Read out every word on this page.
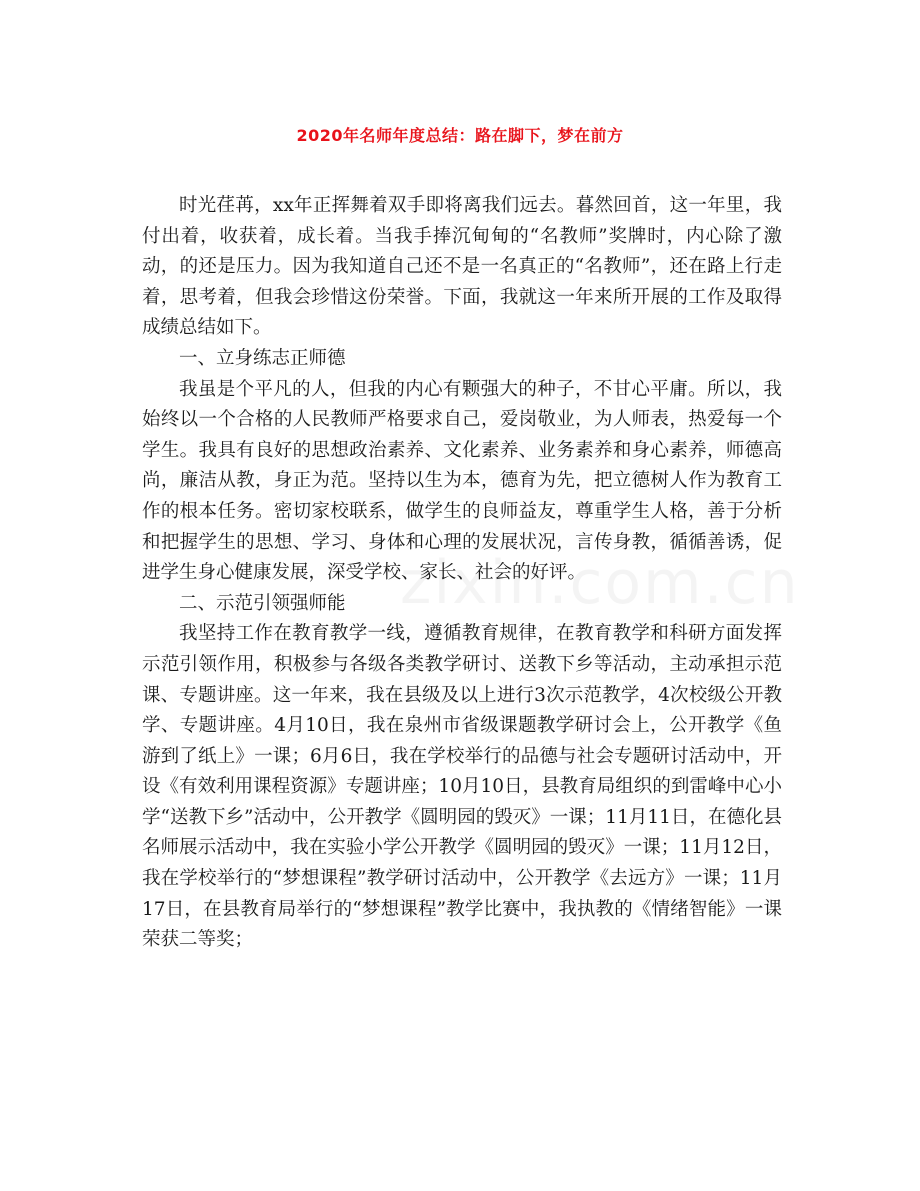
2020年名师年度总结：路在脚下，梦在前方

时光荏苒，xx年正挥舞着双手即将离我们远去。暮然回首，这一年里，我付出着，收获着，成长着。当我手捧沉甸甸的“名教师”奖牌时，内心除了激动，的还是压力。因为我知道自己还不是一名真正的“名教师”，还在路上行走着，思考着，但我会珍惜这份荣誉。下面，我就这一年来所开展的工作及取得成绩总结如下。

一、立身练志正师德

我虽是个平凡的人，但我的内心有颗强大的种子，不甘心平庸。所以，我始终以一个合格的人民教师严格要求自己，爱岗敬业，为人师表，热爱每一个学生。我具有良好的思想政治素养、文化素养、业务素养和身心素养，师德高尚，廉洁从教，身正为范。坚持以生为本，德育为先，把立德树人作为教育工作的根本任务。密切家校联系，做学生的良师益友，尊重学生人格，善于分析和把握学生的思想、学习、身体和心理的发展状况，言传身教，循循善诱，促进学生身心健康发展，深受学校、家长、社会的好评。

二、示范引领强师能

我坚持工作在教育教学一线，遵循教育规律，在教育教学和科研方面发挥示范引领作用，积极参与各级各类教学研讨、送教下乡等活动，主动承担示范课、专题讲座。这一年来，我在县级及以上进行3次示范教学，4次校级公开教学、专题讲座。4月10日，我在泉州市省级课题教学研讨会上，公开教学《鱼游到了纸上》一课；6月6日，我在学校举行的品德与社会专题研讨活动中，开设《有效利用课程资源》专题讲座；10月10日，县教育局组织的到雷峰中心小学“送教下乡”活动中，公开教学《圆明园的毁灭》一课；11月11日，在德化县名师展示活动中，我在实验小学公开教学《圆明园的毁灭》一课；11月12日，我在学校举行的“梦想课程”教学研讨活动中，公开教学《去远方》一课；11月17日，在县教育局举行的“梦想课程”教学比赛中，我执教的《情绪智能》一课荣获二等奖；
